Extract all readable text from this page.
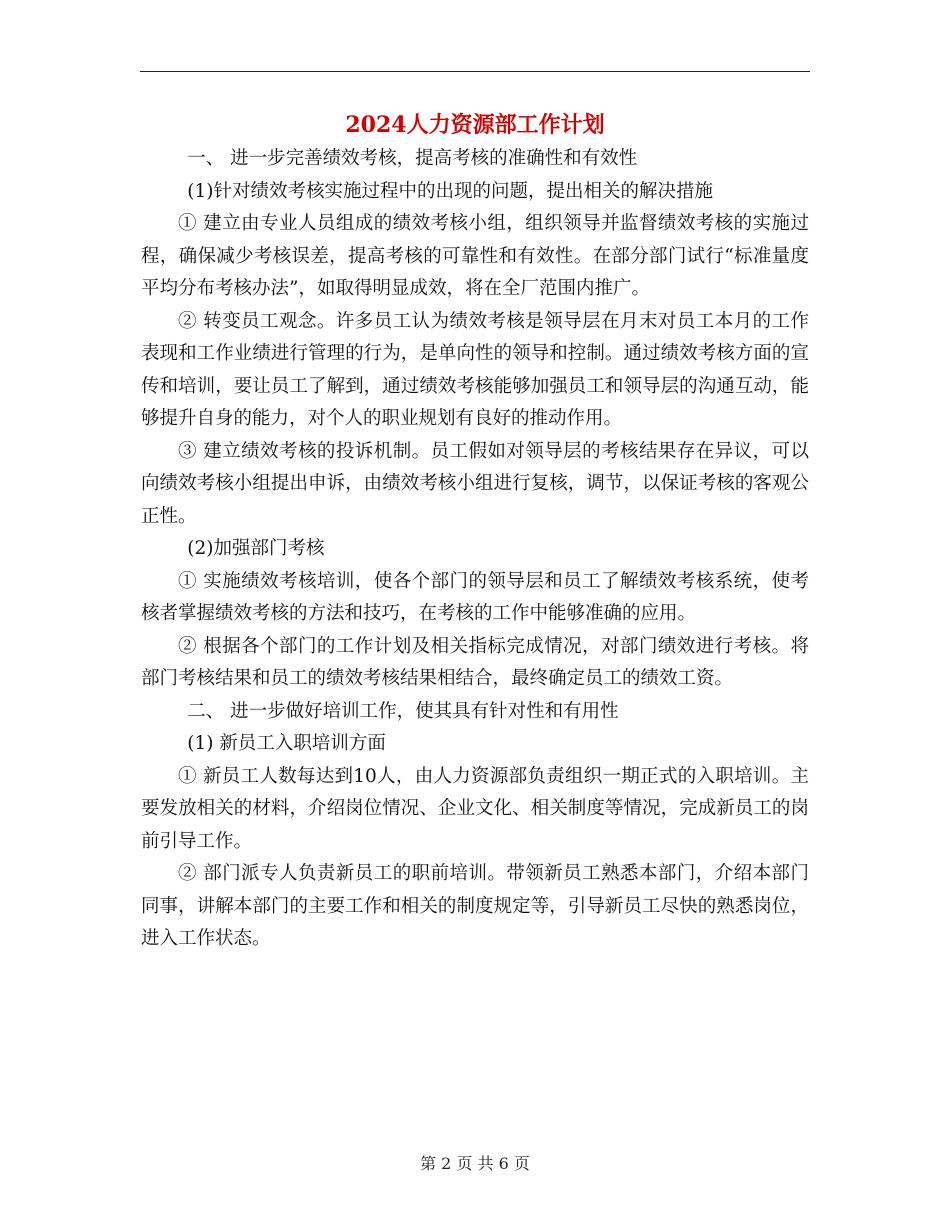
2024人力资源部工作计划

一、 进一步完善绩效考核，提高考核的准确性和有效性

(1)针对绩效考核实施过程中的出现的问题，提出相关的解决措施

① 建立由专业人员组成的绩效考核小组，组织领导并监督绩效考核的实施过程，确保减少考核误差，提高考核的可靠性和有效性。在部分部门试行“标准量度平均分布考核办法”，如取得明显成效，将在全厂范围内推广。

② 转变员工观念。许多员工认为绩效考核是领导层在月末对员工本月的工作表现和工作业绩进行管理的行为，是单向性的领导和控制。通过绩效考核方面的宣传和培训，要让员工了解到，通过绩效考核能够加强员工和领导层的沟通互动，能够提升自身的能力，对个人的职业规划有良好的推动作用。

③ 建立绩效考核的投诉机制。员工假如对领导层的考核结果存在异议，可以向绩效考核小组提出申诉，由绩效考核小组进行复核，调节，以保证考核的客观公正性。

(2)加强部门考核

① 实施绩效考核培训，使各个部门的领导层和员工了解绩效考核系统，使考核者掌握绩效考核的方法和技巧，在考核的工作中能够准确的应用。

② 根据各个部门的工作计划及相关指标完成情况，对部门绩效进行考核。将部门考核结果和员工的绩效考核结果相结合，最终确定员工的绩效工资。

二、 进一步做好培训工作，使其具有针对性和有用性

(1) 新员工入职培训方面

① 新员工人数每达到10人，由人力资源部负责组织一期正式的入职培训。主要发放相关的材料，介绍岗位情况、企业文化、相关制度等情况，完成新员工的岗前引导工作。

② 部门派专人负责新员工的职前培训。带领新员工熟悉本部门，介绍本部门同事，讲解本部门的主要工作和相关的制度规定等，引导新员工尽快的熟悉岗位，进入工作状态。

第 2 页 共 6 页
